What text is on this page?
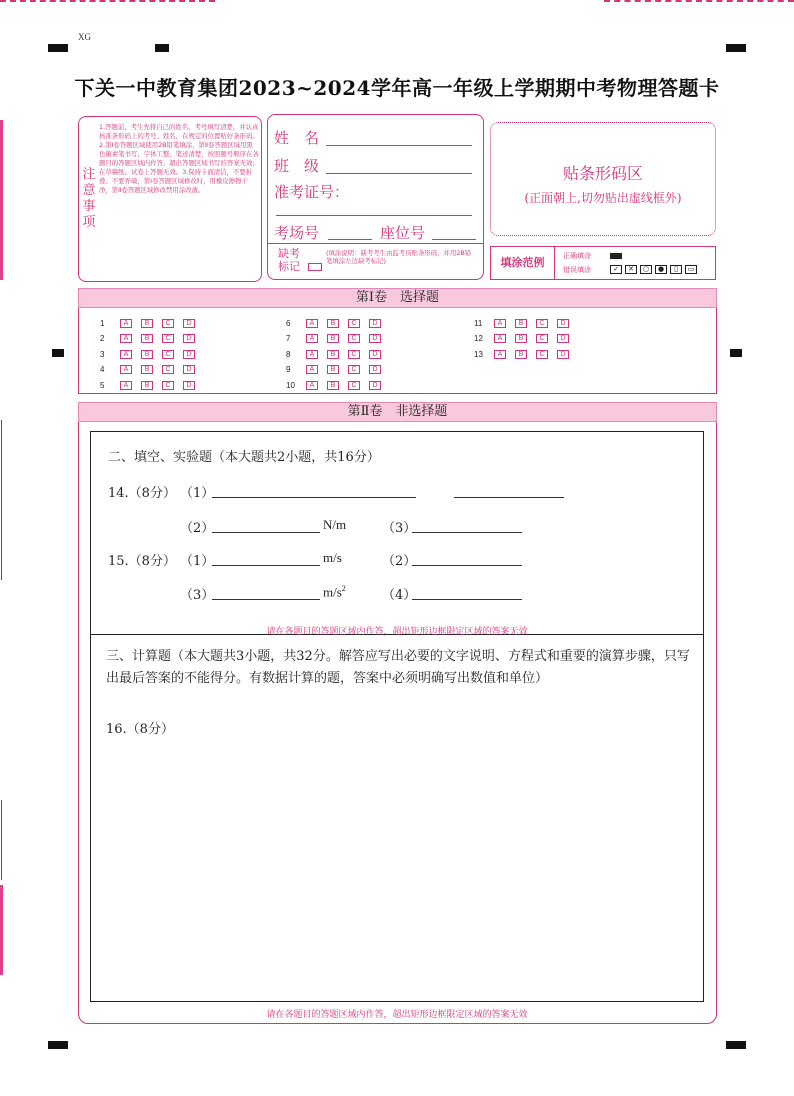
XG
下关一中教育集团2023~2024学年高一年级上学期期中考物理答题卡
注意事项
1.答题前，考生先将自己的姓名、考号填写清楚，并认真核准条形码上的考号、姓名，在规定的位置贴好条形码。2.第Ⅰ卷答题区域使用2B铅笔填涂，第Ⅱ卷答题区域用黑色碳素笔书写，字体工整、笔迹清楚，按照题号顺序在各题目的答题区域内作答，超出答题区域书写的答案无效；在草稿纸、试卷上答题无效。3.保持卡面清洁，不要折叠、不要弄破，第Ⅰ卷答题区域修改时，用橡皮擦擦干净，第Ⅱ卷答题区域修改禁用涂改液。
姓　名
班　级
准考证号：
考场号	座位号
缺考标记
(填涂说明：缺考考生由监考员贴条形码，并用2B铅笔填涂左边缺考标记)
贴条形码区
(正面朝上,切勿贴出虚线框外)
填涂范例	正确填涂
错误填涂	✓	✕	○	●	▯	▭
第Ⅰ卷　选择题
1	A	B	C	D
2	A	B	C	D
3	A	B	C	D
4	A	B	C	D
5	A	B	C	D
6	A	B	C	D
7	A	B	C	D
8	A	B	C	D
9	A	B	C	D
10	A	B	C	D
11	A	B	C	D
12	A	B	C	D
13	A	B	C	D
第Ⅱ卷　非选择题
二、填空、实验题（本大题共2小题，共16分）
14.（8分） （1）
（2）	N/m	（3）
15.（8分） （1）	m/s	（2）
（3）	$m/s^2$	（4）
请在各题目的答题区域内作答，超出矩形边框限定区域的答案无效
三、计算题（本大题共3小题，共32分。解答应写出必要的文字说明、方程式和重要的演算步骤，只写出最后答案的不能得分。有数据计算的题，答案中必须明确写出数值和单位）
16.（8分）
请在各题目的答题区域内作答，超出矩形边框限定区域的答案无效
